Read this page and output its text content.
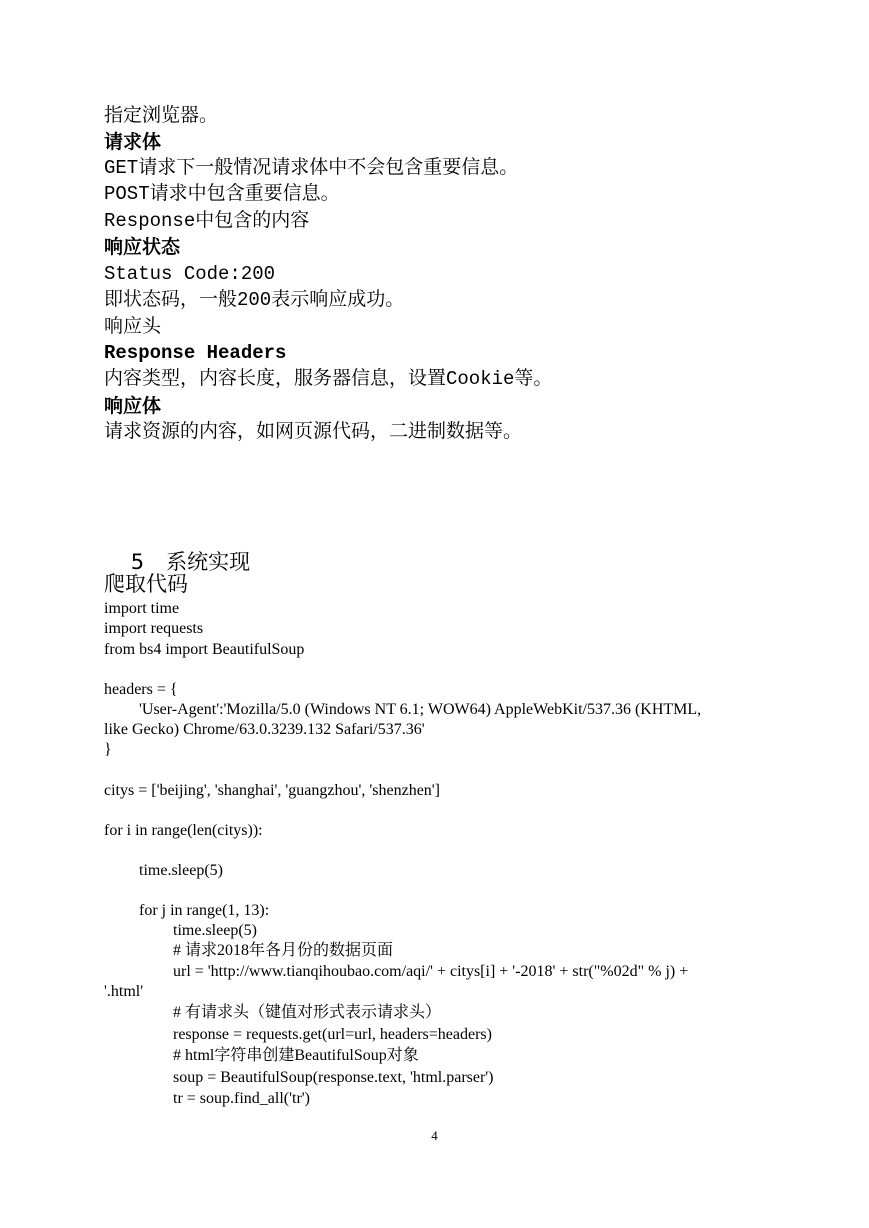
指定浏览器。
请求体
GET请求下一般情况请求体中不会包含重要信息。
POST请求中包含重要信息。
Response中包含的内容
响应状态
Status Code:200
即状态码，一般200表示响应成功。
响应头
Response Headers
内容类型，内容长度，服务器信息，设置Cookie等。
响应体
请求资源的内容，如网页源代码，二进制数据等。

5 系统实现

爬取代码
import time
import requests
from bs4 import BeautifulSoup
headers = {
'User-Agent':'Mozilla/5.0 (Windows NT 6.1; WOW64) AppleWebKit/537.36 (KHTML,
like Gecko) Chrome/63.0.3239.132 Safari/537.36'
}
citys = ['beijing', 'shanghai', 'guangzhou', 'shenzhen']
for i in range(len(citys)):
time.sleep(5)
for j in range(1, 13):
time.sleep(5)
# 请求2018年各月份的数据页面
url = 'http://www.tianqihoubao.com/aqi/' + citys[i] + '-2018' + str("%02d" % j) +
'.html'
# 有请求头（键值对形式表示请求头）
response = requests.get(url=url, headers=headers)
# html字符串创建BeautifulSoup对象
soup = BeautifulSoup(response.text, 'html.parser')
tr = soup.find_all('tr')
4
